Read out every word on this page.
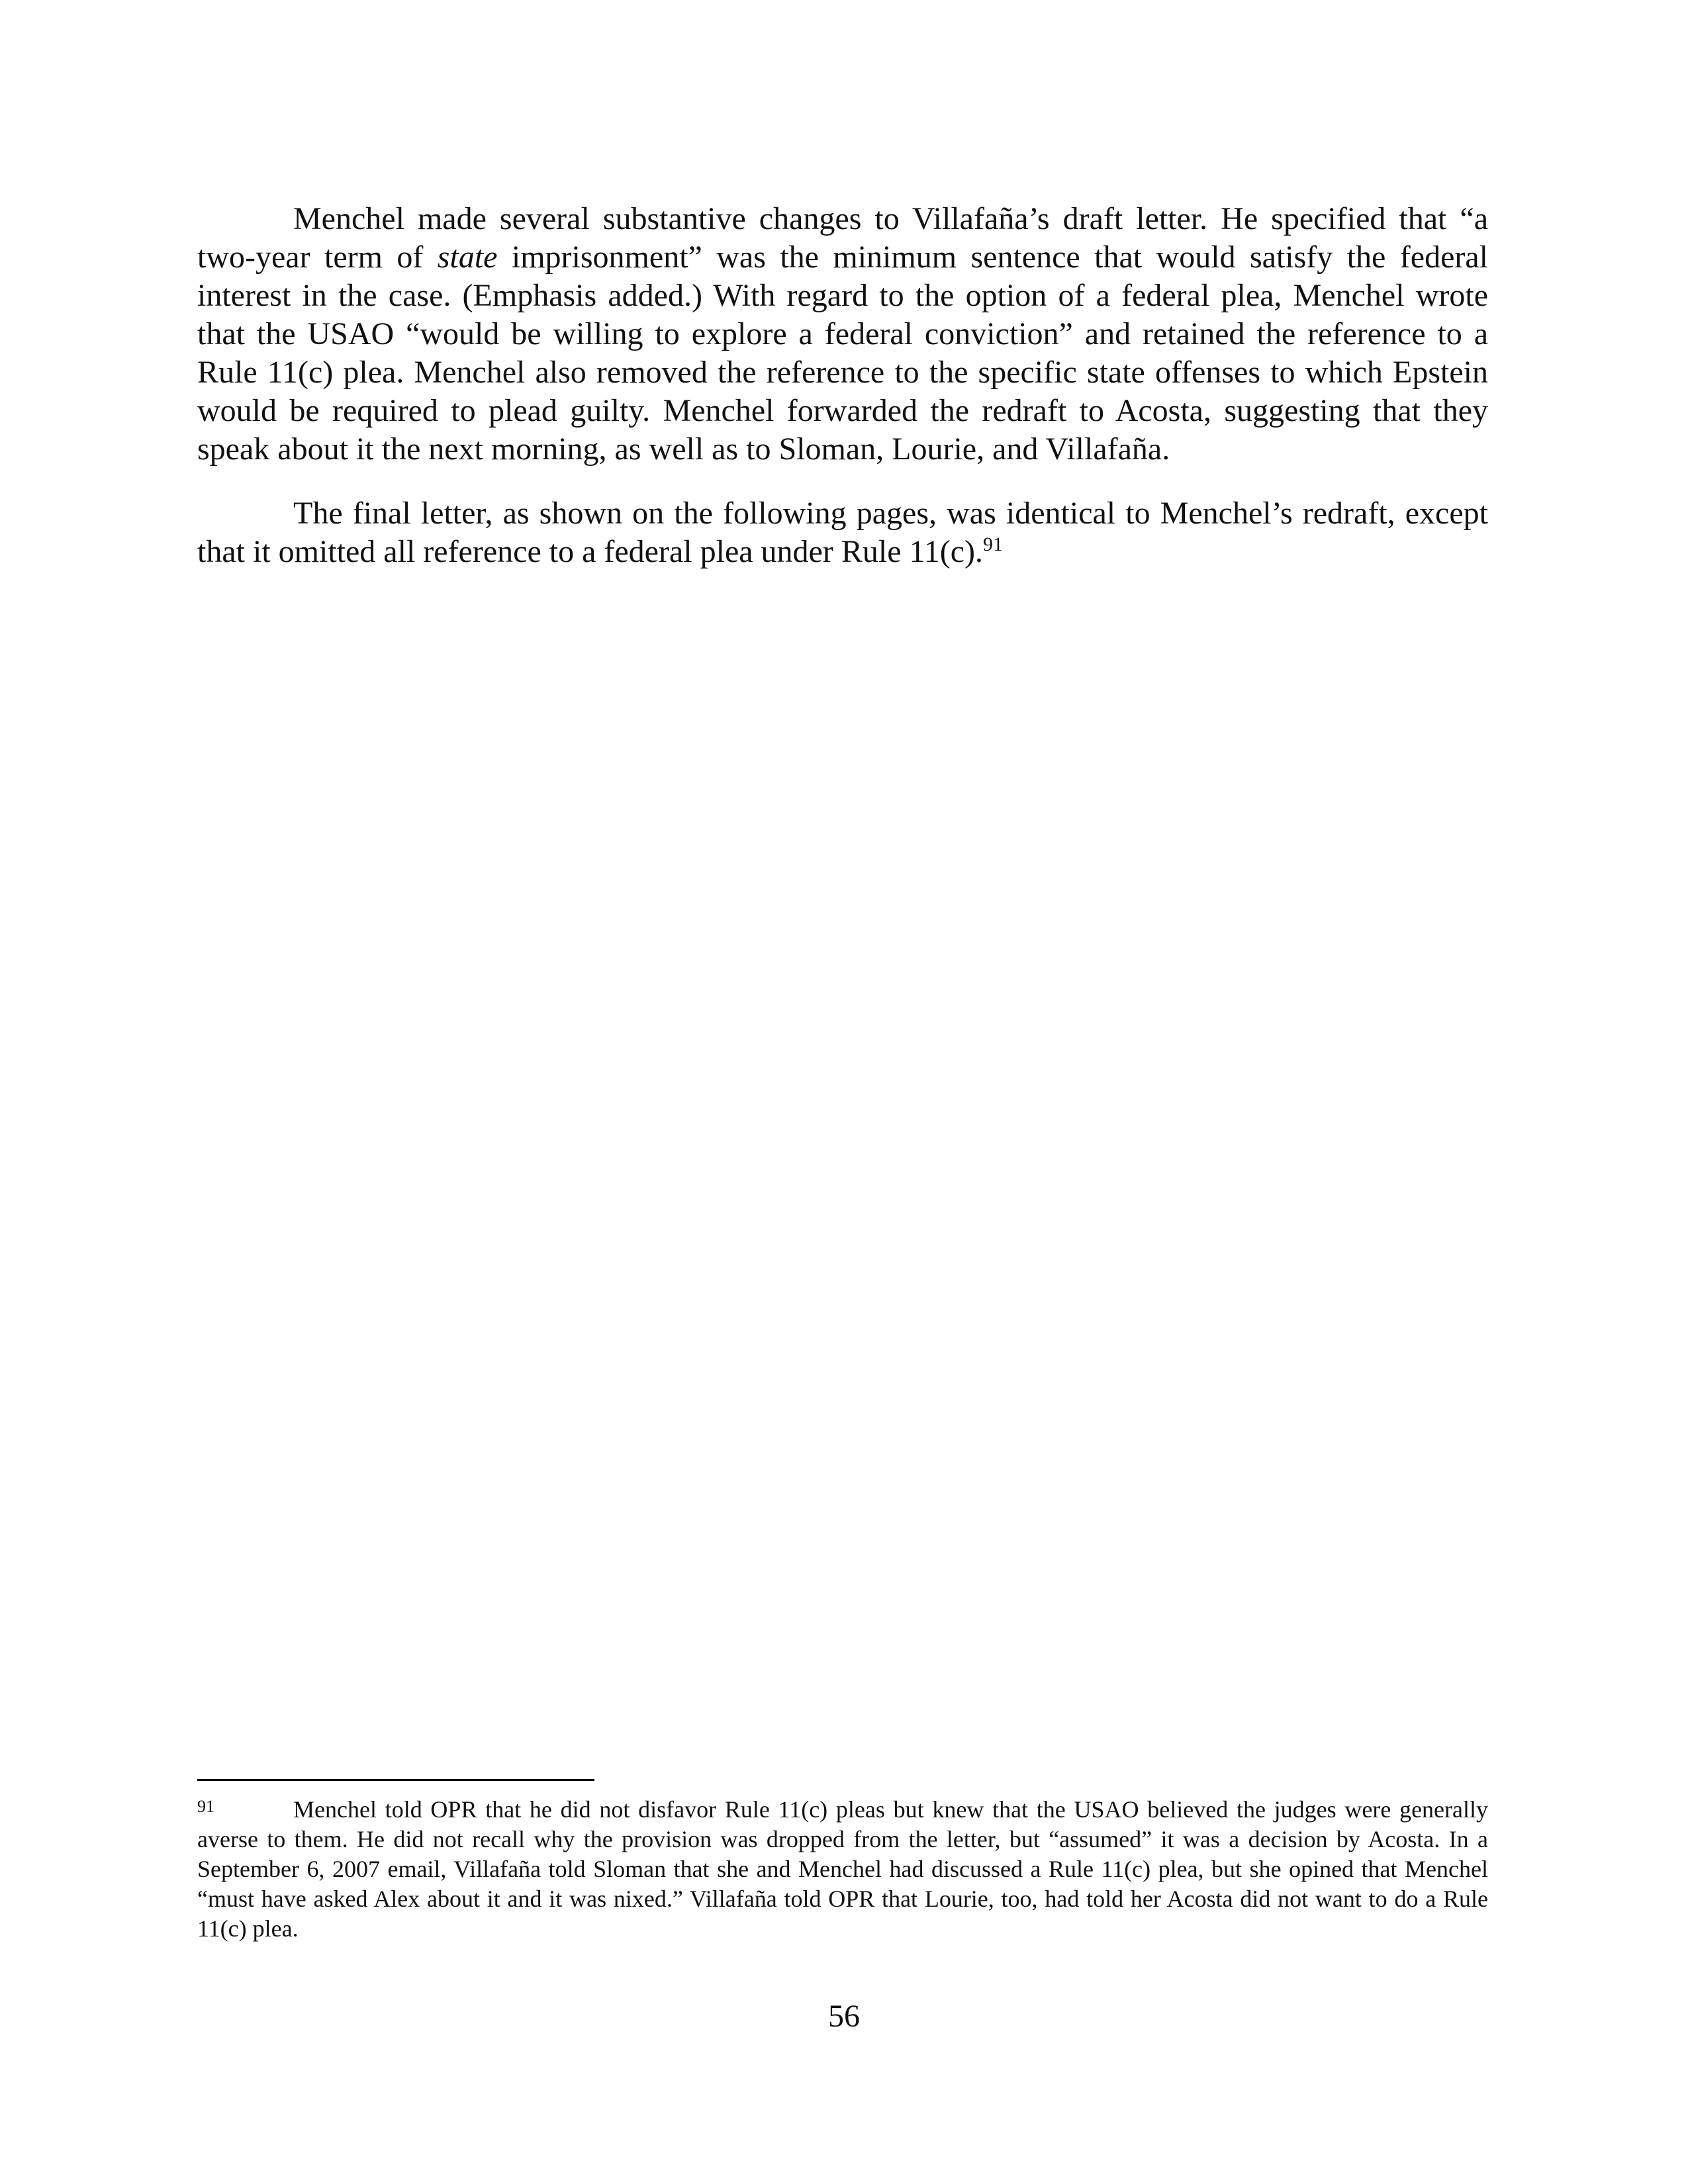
Menchel made several substantive changes to Villafaña’s draft letter. He specified that “a two-year term of state imprisonment” was the minimum sentence that would satisfy the federal interest in the case. (Emphasis added.) With regard to the option of a federal plea, Menchel wrote that the USAO “would be willing to explore a federal conviction” and retained the reference to a Rule 11(c) plea. Menchel also removed the reference to the specific state offenses to which Epstein would be required to plead guilty. Menchel forwarded the redraft to Acosta, suggesting that they speak about it the next morning, as well as to Sloman, Lourie, and Villafaña.

The final letter, as shown on the following pages, was identical to Menchel’s redraft, except that it omitted all reference to a federal plea under Rule 11(c).$^{91}$

91	Menchel told OPR that he did not disfavor Rule 11(c) pleas but knew that the USAO believed the judges were generally averse to them. He did not recall why the provision was dropped from the letter, but “assumed” it was a decision by Acosta. In a September 6, 2007 email, Villafaña told Sloman that she and Menchel had discussed a Rule 11(c) plea, but she opined that Menchel “must have asked Alex about it and it was nixed.” Villafaña told OPR that Lourie, too, had told her Acosta did not want to do a Rule 11(c) plea.

56
